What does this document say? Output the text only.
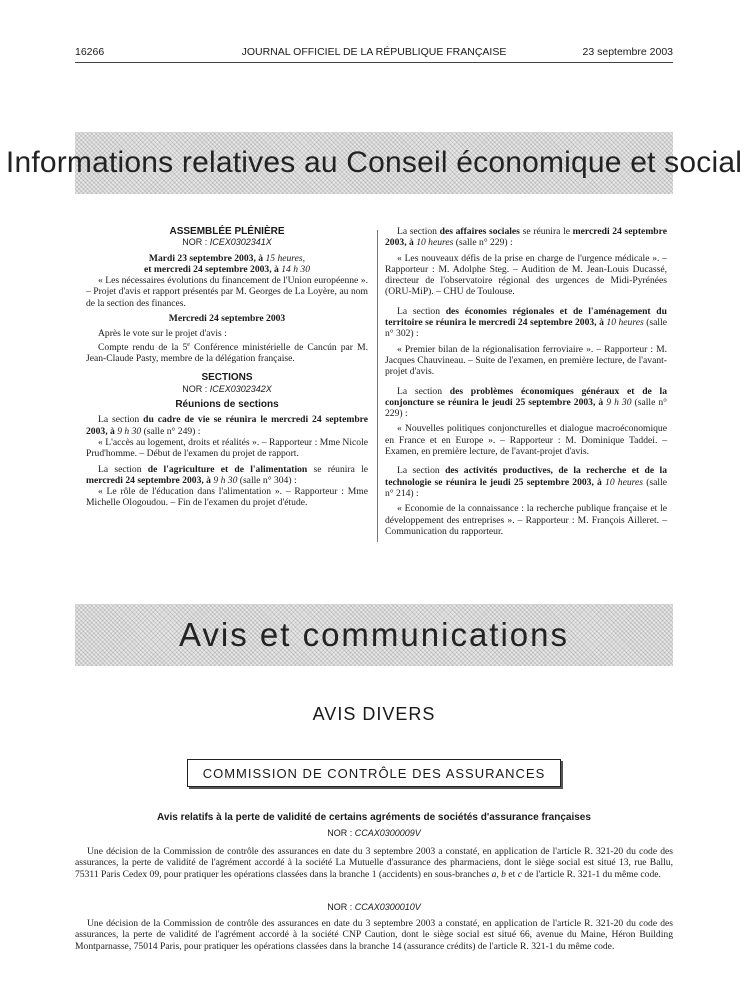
16266	JOURNAL OFFICIEL DE LA RÉPUBLIQUE FRANÇAISE	23 septembre 2003
Informations relatives au Conseil économique et social

ASSEMBLÉE PLÉNIÈRE

NOR : ICEX0302341X

Mardi 23 septembre 2003, à 15 heures,
et mercredi 24 septembre 2003, à 14 h 30

« Les nécessaires évolutions du financement de l'Union européenne ». – Projet d'avis et rapport présentés par M. Georges de La Loyère, au nom de la section des finances.

Mercredi 24 septembre 2003

Après le vote sur le projet d'avis :

Compte rendu de la 5e Conférence ministérielle de Cancún par M. Jean-Claude Pasty, membre de la délégation française.

SECTIONS

NOR : ICEX0302342X

Réunions de sections

La section du cadre de vie se réunira le mercredi 24 septembre 2003, à 9 h 30 (salle n° 249) :

« L'accès au logement, droits et réalités ». – Rapporteur : Mme Nicole Prud'homme. – Début de l'examen du projet de rapport.

La section de l'agriculture et de l'alimentation se réunira le mercredi 24 septembre 2003, à 9 h 30 (salle n° 304) :

« Le rôle de l'éducation dans l'alimentation ». – Rapporteur : Mme Michelle Ologoudou. – Fin de l'examen du projet d'étude.

La section des affaires sociales se réunira le mercredi 24 septembre 2003, à 10 heures (salle n° 229) :

« Les nouveaux défis de la prise en charge de l'urgence médicale ». – Rapporteur : M. Adolphe Steg. – Audition de M. Jean-Louis Ducassé, directeur de l'observatoire régional des urgences de Midi-Pyrénées (ORU-MiP). – CHU de Toulouse.

La section des économies régionales et de l'aménagement du territoire se réunira le mercredi 24 septembre 2003, à 10 heures (salle n° 302) :

« Premier bilan de la régionalisation ferroviaire ». – Rapporteur : M. Jacques Chauvineau. – Suite de l'examen, en première lecture, de l'avant-projet d'avis.

La section des problèmes économiques généraux et de la conjoncture se réunira le jeudi 25 septembre 2003, à 9 h 30 (salle n° 229) :

« Nouvelles politiques conjoncturelles et dialogue macroéconomique en France et en Europe ». – Rapporteur : M. Dominique Taddei. – Examen, en première lecture, de l'avant-projet d'avis.

La section des activités productives, de la recherche et de la technologie se réunira le jeudi 25 septembre 2003, à 10 heures (salle n° 214) :

« Economie de la connaissance : la recherche publique française et le développement des entreprises ». – Rapporteur : M. François Ailleret. – Communication du rapporteur.

Avis et communications
AVIS DIVERS
COMMISSION DE CONTRÔLE DES ASSURANCES
Avis relatifs à la perte de validité de certains agréments de sociétés d'assurance françaises
NOR : CCAX0300009V

Une décision de la Commission de contrôle des assurances en date du 3 septembre 2003 a constaté, en application de l'article R. 321-20 du code des assurances, la perte de validité de l'agrément accordé à la société La Mutuelle d'assurance des pharmaciens, dont le siège social est situé 13, rue Ballu, 75311 Paris Cedex 09, pour pratiquer les opérations classées dans la branche 1 (accidents) en sous-branches a, b et c de l'article R. 321-1 du même code.

NOR : CCAX0300010V

Une décision de la Commission de contrôle des assurances en date du 3 septembre 2003 a constaté, en application de l'article R. 321-20 du code des assurances, la perte de validité de l'agrément accordé à la société CNP Caution, dont le siège social est situé 66, avenue du Maine, Héron Building Montparnasse, 75014 Paris, pour pratiquer les opérations classées dans la branche 14 (assurance crédits) de l'article R. 321-1 du même code.
